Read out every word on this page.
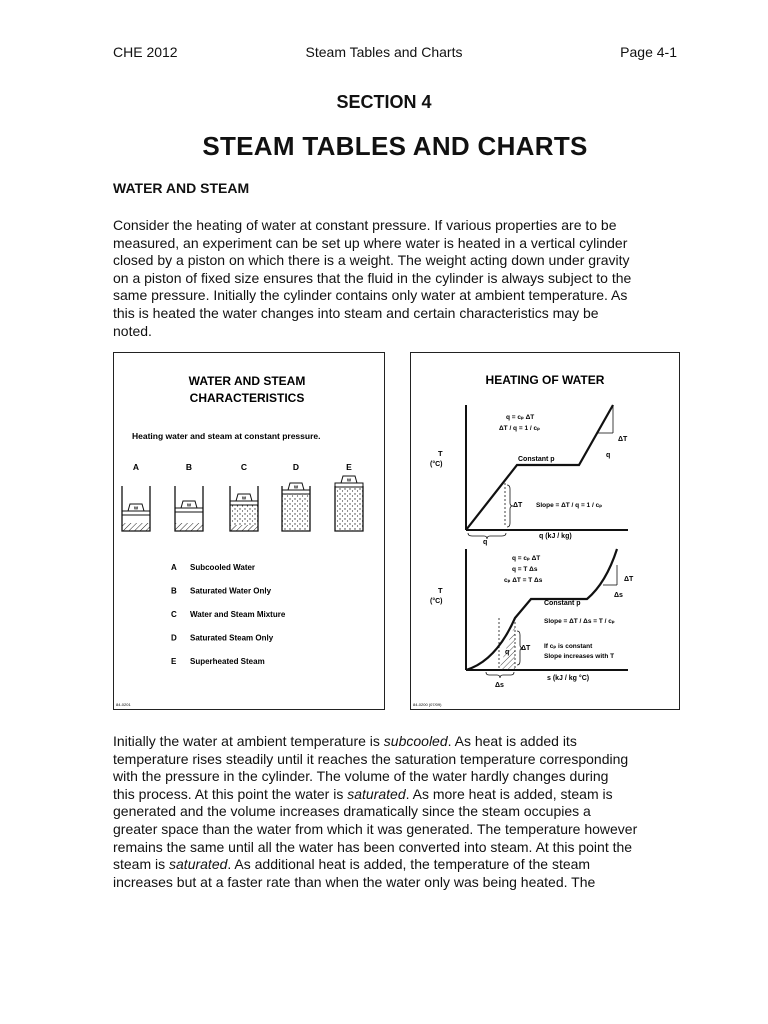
CHE 2012	Steam Tables and Charts	Page 4-1
SECTION 4
STEAM TABLES AND CHARTS
WATER AND STEAM

Consider the heating of water at constant pressure. If various properties are to be
measured, an experiment can be set up where water is heated in a vertical cylinder
closed by a piston on which there is a weight. The weight acting down under gravity
on a piston of fixed size ensures that the fluid in the cylinder is always subject to the
same pressure. Initially the cylinder contains only water at ambient temperature. As
this is heated the water changes into steam and certain characteristics may be
noted.

WATER AND STEAM
CHARACTERISTICS
Heating water and steam at constant pressure.
A	B	C	D	E
W
W
W
W
W
A Subcooled Water
B Saturated Water Only
C Water and Steam Mixture
D Saturated Steam Only
E Superheated Steam
84-0201
HEATING OF WATER
T
(°C)
q (kJ / kg)
q = cₚ ΔT
ΔT / q = 1 / cₚ
Constant p
Slope = ΔT / q = 1 / cₚ
ΔT
ΔT
q
q
T
(°C)
s (kJ / kg °C)
q = cₚ ΔT
q = T Δs
cₚ ΔT = T Δs
Constant p
Slope = ΔT / Δs = T / cₚ
If cₚ is constant
Slope increases with T
ΔT
ΔT
Δs
q
Δs
84-0200 (07/09)

Initially the water at ambient temperature is subcooled. As heat is added its
temperature rises steadily until it reaches the saturation temperature corresponding
with the pressure in the cylinder. The volume of the water hardly changes during
this process. At this point the water is saturated. As more heat is added, steam is
generated and the volume increases dramatically since the steam occupies a
greater space than the water from which it was generated. The temperature however
remains the same until all the water has been converted into steam. At this point the
steam is saturated. As additional heat is added, the temperature of the steam
increases but at a faster rate than when the water only was being heated. The
